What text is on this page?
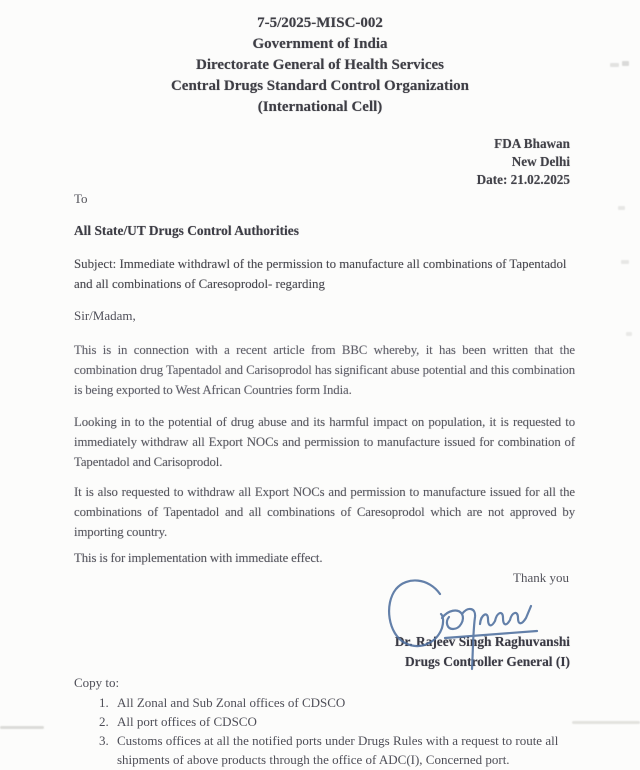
7-5/2025-MISC-002
Government of India
Directorate General of Health Services
Central Drugs Standard Control Organization
(International Cell)
FDA Bhawan
New Delhi
Date: 21.02.2025
To
All State/UT Drugs Control Authorities
Subject: Immediate withdrawl of the permission to manufacture all combinations of Tapentadol and all combinations of Caresoprodol- regarding
Sir/Madam,

This is in connection with a recent article from BBC whereby, it has been written that the combination drug Tapentadol and Carisoprodol has significant abuse potential and this combination is being exported to West African Countries form India.

Looking in to the potential of drug abuse and its harmful impact on population, it is requested to immediately withdraw all Export NOCs and permission to manufacture issued for combination of Tapentadol and Carisoprodol.

It is also requested to withdraw all Export NOCs and permission to manufacture issued for all the combinations of Tapentadol and all combinations of Caresoprodol which are not approved by importing country.

This is for implementation with immediate effect.

Thank you
Dr. Rajeev Singh Raghuvanshi
Drugs Controller General (I)
Copy to:
1. All Zonal and Sub Zonal offices of CDSCO
2. All port offices of CDSCO
3. Customs offices at all the notified ports under Drugs Rules with a request to route all shipments of above products through the office of ADC(I), Concerned port.
